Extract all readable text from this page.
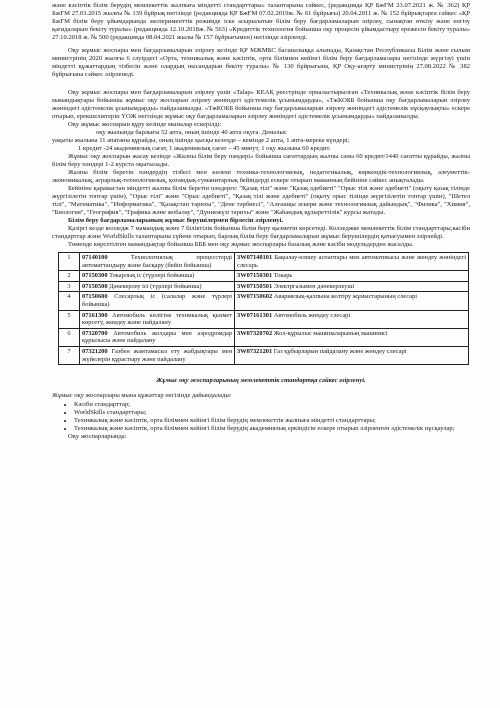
және кәсіптік білім берудің мемлекеттік жалпыға міндетті стандарттары» талаптарына сәйкес, (редакцияда ҚР БжҒМ 23.07.2021 ж. № 362) ҚР БжҒМ 27.03.2015 жылғы № 139 бұйрық негізінде (редакцияда ҚР БжҒМ 07.02.2019ж. № 61 бұйрығы) 20.04.2011 ж. № 152 бұйрықтарға сәйкес «ҚР БжҒМ білім беру ұйымдарында эксперименттік режимде іске асырылатын білім беру бағдарламаларын әзірлеу, сынақтан өткізу және енгізу қағидаларын бекіту туралы» (редакцияда 12.10.2018ж. № 563) «Кредиттік технология бойынша оқу процесін ұйымдастыру ережесін бекіту туралы» 27.10.2018 ж. № 500 (редакцияда 08.04.2021 жылы № 157 бұйрығымен) негізінде әзірленді.

Оқу жұмыс жоспары мен бағдарламаларын әзірлеу кезінде ҚР МЖМБС басшылыққа алынады, Қазақстан Республикасы Білім және ғылым министрінің 2020 жылғы 6 сәуірдегі «Орта, техникалық және кәсіптік, орта білімнен кейінгі білім беру бағдарламалары негізінде жүргізуі үшін міндетті құжаттардың тізбесін және олардың нысандарын бекіту туралы» № 130 бұйрығына, ҚР Оқу-ағарту министрінің 27.08.2022 № 382 бұйрығына сәйкес әзірленеді.

Оқу жұмыс жоспары мен бағдарламаларын әзірлеу үшін «Talap» КЕАҚ реестрінде орналастырылған «Техникалық және кәсіптік білім беру мамандықтары бойынша жұмыс оқу жоспарын әзірлеу жөніндегі әдістемелік ұсынымдарды», «ТжКОББ бойынша оқу бағдарламаларын әзірлеу жөніндегі әдістемелік ұсынымдарды» пайдаланылды. «ТжКОББ бойынша оқу бағдарламаларын әзірлеу жөніндегі әдістемелік нұсқаулықты» ескере отырып, ерекшеліктерін ҮОЖ негізінде жұмыс оқу бағдарламаларын әзірлеу жөніндегі әдістемелік ұсынымдарды» пайдаланылды.

Оқу жұмыс жоспарын құру кезінде мыналар ескерілді:

оқу жылында барлығы 52 апта, оның ішінде 40 апта оқуға. Демалыс

уақыты жылына 11 апатаны құрайды, оның ішінде қысқы кезеңде – кемінде 2 апта, 1 апта-мереке күндері;

1 кредит -24 академиялық сағат, 1 академиялық сағат – 45 минут, 1 оқу жылына 60 кредит.

Жұмыс оқу жоспарын жасау кезінде «Жалпы білім беру пәндері» бойынша сағаттардың жалпы саны 60 кредит/1440 сағатты құрайды, жалпы білім беру пәндері 1-2 курста оқытылады.

Жалпы білім беретін пәндердің тізбесі мен көлемі техника-технологиялық, педагогикалық, көркемдік-технологиялық, әлеуметтік-экономикалық, аграрлық-технологиялық, қоғамдық-гуманитарлық бейіндерді ескере отырып маманның бейініне сәйкес анықталады.

Бейініне қарамастан міндетті жалпы білім беретін пәндерге: "Қазақ тілі" және "Қазақ әдебиеті" "Орыс тілі және әдебиеті" (оқыту қазақ тілінде жүргізілетін топтар үшін), "Орыс тілі" және "Орыс әдебиеті", "Қазақ тілі және әдебиеті" (оқыту орыс тілінде жүргізілетін топтар үшін), "Шетел тілі", "Математика", "Информатика", "Қазақстан тарихы", "Дене тәрбиесі", "Алғашқы әскери және технологиялық дайындық", "Физика", "Химия", "Биология", "География", "Графика және жобалау", "Дүниежүзі тарихы" және "Жаһандық құзыреттілік" курсы жатады.

Білім беру бағдарламаларының жұмыс берушілермен бірлесіп әзірленуі.

Қазіргі кезде колледж 7 мамандық және 7 біліктілік бойынша білім беру қызметін көрсетеді. Колледжке мемлекеттік білім стандарттары,касіби стандарттар және WorldSkills талаптарына сүйене отырып, барлық білім беру бағдарламаларын жұмыс берушілердің қатысуымен әзірлейді.

Төменде көрсетілген мамандықтар бойынша БББ мен оқу жұмыс жоспарлары базалық және кәсіби модульдерден жасалды.

1	07140100 Технологиялық процесстерді автоматтандыру және басқару (бейін бойынша)	3W07140101 Бақылау-өлшеу аспаптары мен автоматикасы және жөндеу жөніндегі слесарь
2	07150300 Токарлық іс (түрлері бойынша)	3W07150301 Токарь
3	07150500 Дәнекерлеу ісі (түрлері бойынша)	3W07150501 Электргазымен дәнекерлеуші
4	07150600 Слесарлық іс (салалар және түрлері бойынша)	3W07150602 Авариялық-қалпына келтіру жұмыстарының слесарі
5	07161300 Автомобиль көлігіне техникалық қызмет көрсету, жөндеу және пайдалану	3W07161301 Автомобиль жөндеу слесарі
6	07320700 Автомобиль жолдары мен аэродромдар құрылысы және пайдалану	3W07320702 Жол-құрылыс машиналарының машинисі
7	07321200 Газбен жамтамасыз ету жабдықтары мен жүйелерін құрастыру және пайдалану	3W07321201 Газ құбырларын пайдалану және жөндеу слесарі

Жұмыс оқу жоспарларының мемлекеттік стандартқа сәйкес әзірленуі.

Жұмыс оқу жоспарлары мына құжаттар негізінде дайындалады:

• Кәсіби стандарттар;
• WorldSkills стандарттары;
• Техникалық және кәсіптік, орта білімнен кейінгі білім берудің мемлекеттік жалпыға міндетті стандарттары;
• Техникалық және кәсіптік, орта білімнен кейінгі білім берудің академиялық еркіндігін ескере отырып әзірленген әдістемелік нұсқаулар;

Оқу жоспарларында:
